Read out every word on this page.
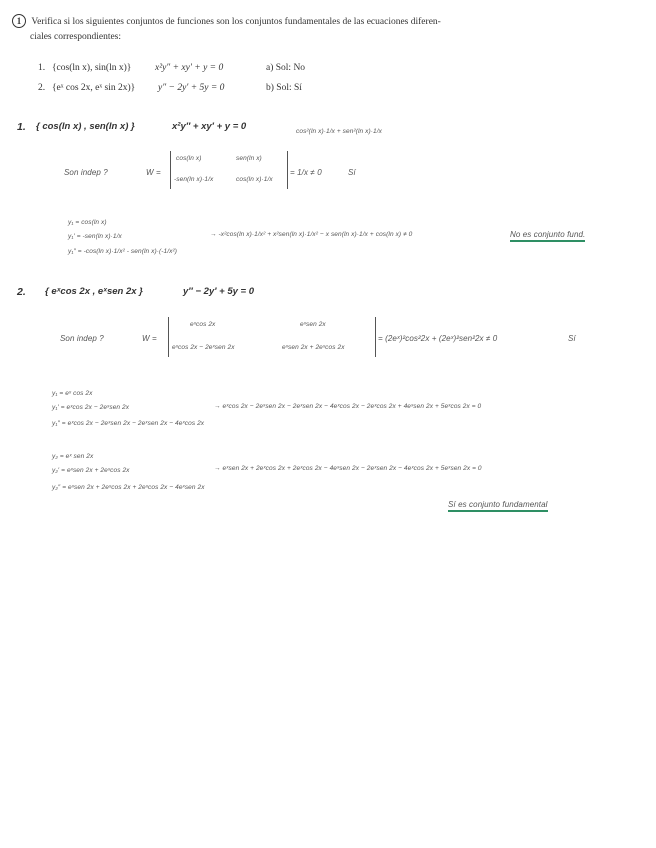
1 Verifica si los siguientes conjuntos de funciones son los conjuntos fundamentales de las ecuaciones diferen-
ciales correspondientes:
1. {cos(ln x), sin(ln x)} x²y″ + xy′ + y = 0	a) Sol: No
2. {eˣ cos 2x, eˣ sin 2x)} y″ − 2y′ + 5y = 0	b) Sol: Sí
1. { cos(ln x) , sen(ln x) }	x²y″ + xy′ + y = 0	cos²(ln x)·1/x + sen²(ln x)·1/x
Son indep ?	W =
cos(ln x)	sen(ln x)
-sen(ln x)·1/x	cos(ln x)·1/x
= 1/x ≠ 0	Sí
y₁ = cos(ln x)
y₁′ = -sen(ln x)·1/x
y₁″ = -cos(ln x)·1/x² - sen(ln x)·(-1/x²)
→ -x²cos(ln x)·1/x² + x²sen(ln x)·1/x² − x sen(ln x)·1/x + cos(ln x) ≠ 0	No es conjunto fund.
2. { eˣcos 2x , eˣsen 2x }	y″ − 2y′ + 5y = 0
Son indep ?	W =
eˣcos 2x	eˣsen 2x
eˣcos 2x − 2eˣsen 2x	eˣsen 2x + 2eˣcos 2x
= (2eˣ)²cos²2x + (2eˣ)²sen²2x ≠ 0	Sí
y₁ = eˣ cos 2x
y₁′ = eˣcos 2x − 2eˣsen 2x
y₁″ = eˣcos 2x − 2eˣsen 2x − 2eˣsen 2x − 4eˣcos 2x
→ eˣcos 2x − 2eˣsen 2x − 2eˣsen 2x − 4eˣcos 2x − 2eˣcos 2x + 4eˣsen 2x + 5eˣcos 2x = 0
y₂ = eˣ sen 2x
y₂′ = eˣsen 2x + 2eˣcos 2x
y₂″ = eˣsen 2x + 2eˣcos 2x + 2eˣcos 2x − 4eˣsen 2x
→ eˣsen 2x + 2eˣcos 2x + 2eˣcos 2x − 4eˣsen 2x − 2eˣsen 2x − 4eˣcos 2x + 5eˣsen 2x = 0
Sí es conjunto fundamental
